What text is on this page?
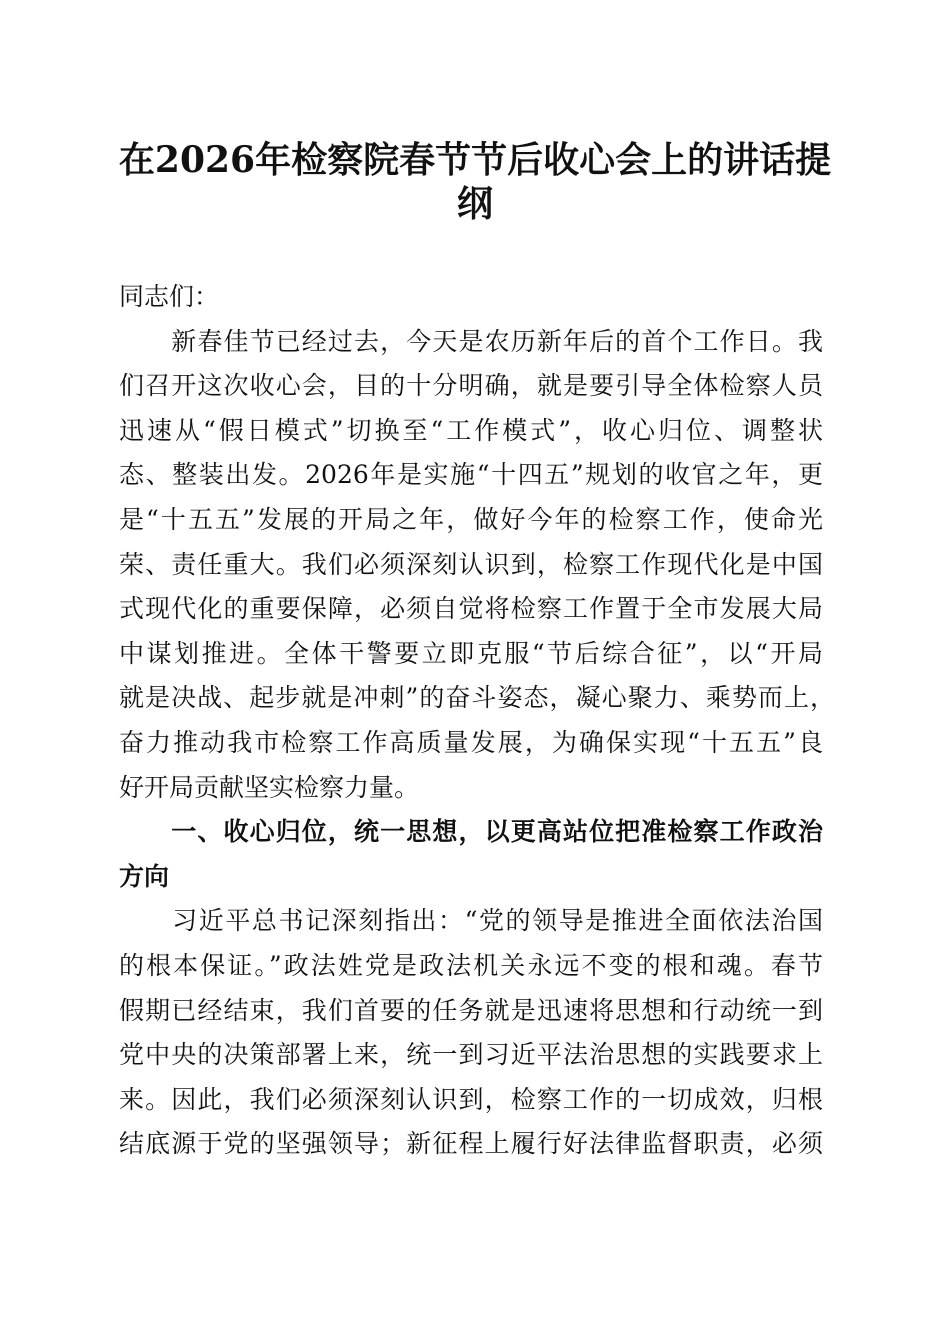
在2026年检察院春节节后收心会上的讲话提
纲
同志们：
　　新春佳节已经过去，今天是农历新年后的首个工作日。我
们召开这次收心会，目的十分明确，就是要引导全体检察人员
迅速从“假日模式”切换至“工作模式”，收心归位、调整状
态、整装出发。2026年是实施“十四五”规划的收官之年，更
是“十五五”发展的开局之年，做好今年的检察工作，使命光
荣、责任重大。我们必须深刻认识到，检察工作现代化是中国
式现代化的重要保障，必须自觉将检察工作置于全市发展大局
中谋划推进。全体干警要立即克服“节后综合征”，以“开局
就是决战、起步就是冲刺”的奋斗姿态，凝心聚力、乘势而上，
奋力推动我市检察工作高质量发展，为确保实现“十五五”良
好开局贡献坚实检察力量。
　　一、收心归位，统一思想，以更高站位把准检察工作政治
方向
　　习近平总书记深刻指出：“党的领导是推进全面依法治国
的根本保证。”政法姓党是政法机关永远不变的根和魂。春节
假期已经结束，我们首要的任务就是迅速将思想和行动统一到
党中央的决策部署上来，统一到习近平法治思想的实践要求上
来。因此，我们必须深刻认识到，检察工作的一切成效，归根
结底源于党的坚强领导；新征程上履行好法律监督职责，必须
